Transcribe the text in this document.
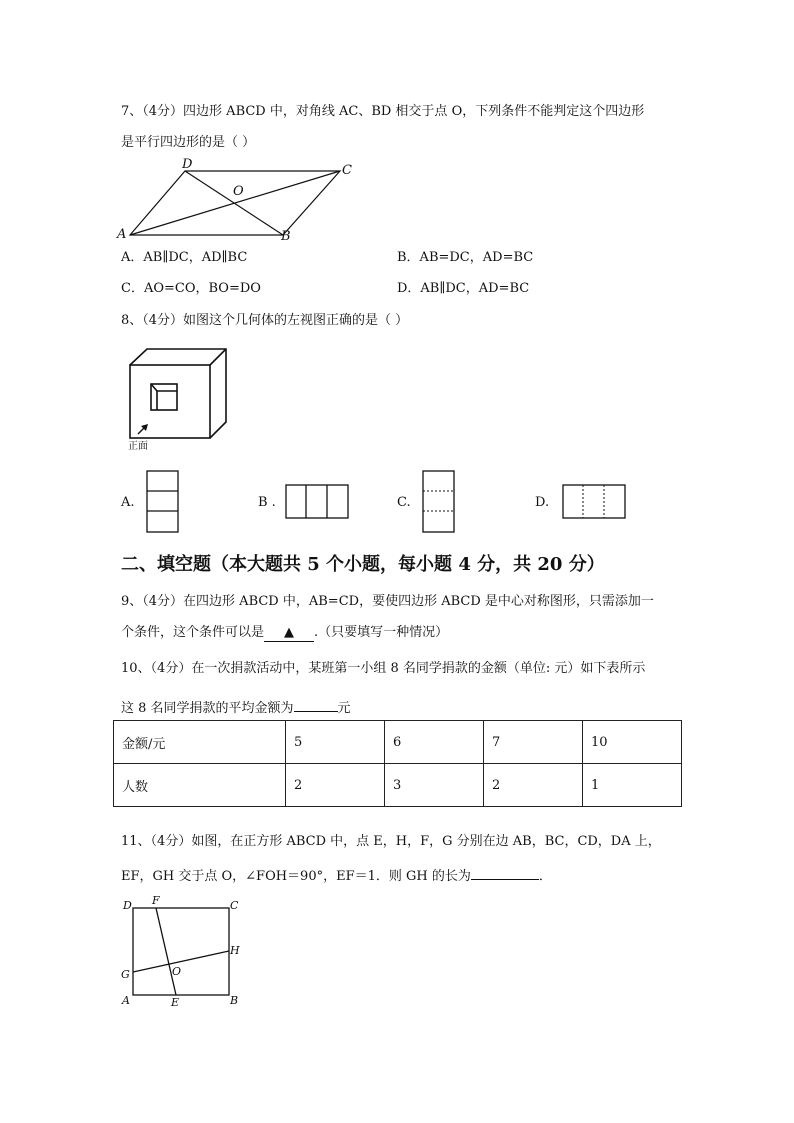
7、（4分）四边形 ABCD 中，对角线 AC、BD 相交于点 O，下列条件不能判定这个四边形
是平行四边形的是（ ）
A	B
C
D
O
A．AB∥DC，AD∥BC	B．AB=DC，AD=BC
C．AO=CO，BO=DO	D．AB∥DC，AD=BC
8、（4分）如图这个几何体的左视图正确的是（ ）
正面
A.	B .	C.	D.
二、填空题（本大题共 5 个小题，每小题 4 分，共 20 分）
9、（4分）在四边形 ABCD 中，AB=CD，要使四边形 ABCD 是中心对称图形，只需添加一
个条件，这个条件可以是 ▲ .（只要填写一种情况）
10、（4分）在一次捐款活动中，某班第一小组 8 名同学捐款的金额（单位: 元）如下表所示
这 8 名同学捐款的平均金额为	元
金额/元	5	6	7	10
人数	2	3	2	1
11、（4分）如图，在正方形 ABCD 中，点 E，H，F，G 分别在边 AB，BC，CD，DA 上，
EF，GH 交于点 O，∠FOH＝90°，EF＝1．则 GH 的长为	．
A	B
C
D
E
F
G
H
O
